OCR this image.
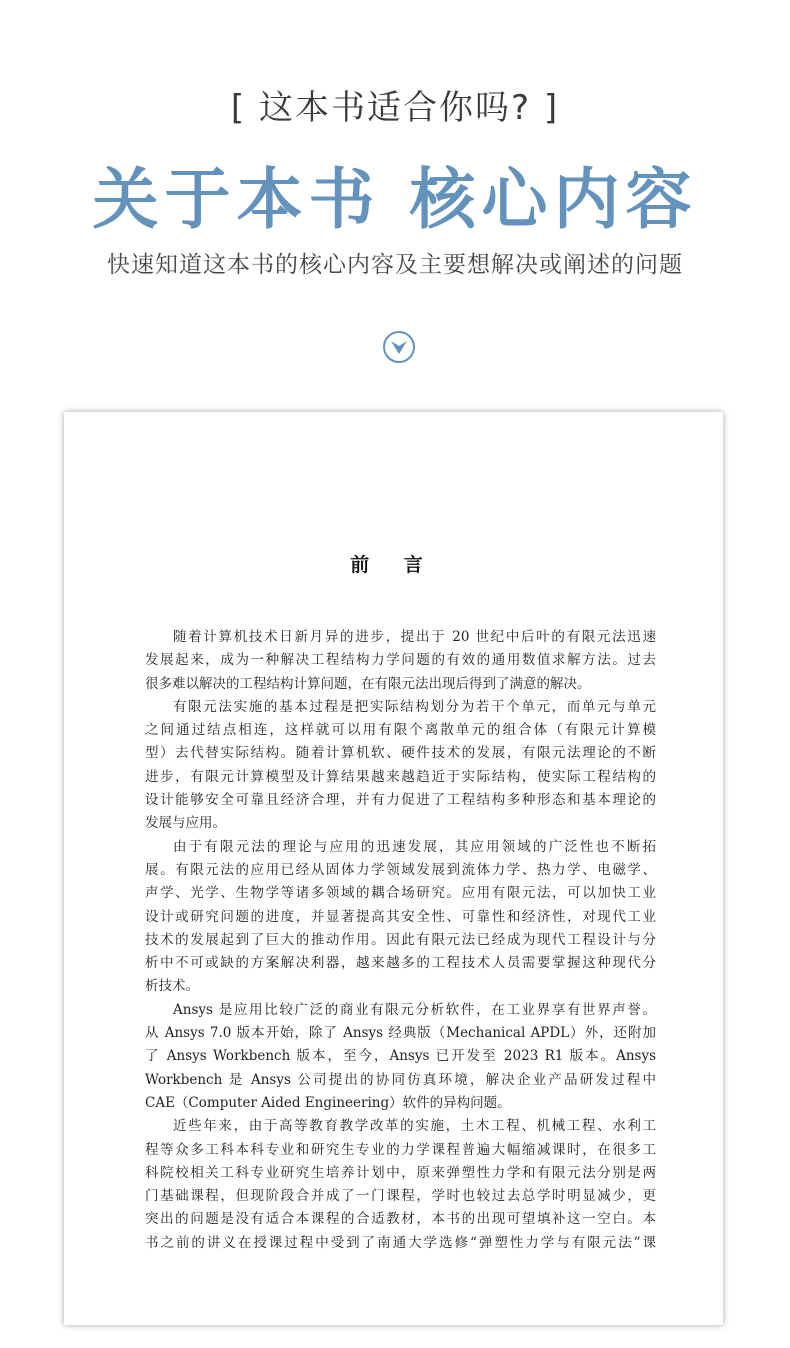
[ 这本书适合你吗? ]
关于本书 核心内容
快速知道这本书的核心内容及主要想解决或阐述的问题
前 言
随着计算机技术日新月异的进步，提出于 20 世纪中后叶的有限元法迅速
发展起来，成为一种解决工程结构力学问题的有效的通用数值求解方法。过去
很多难以解决的工程结构计算问题，在有限元法出现后得到了满意的解决。
有限元法实施的基本过程是把实际结构划分为若干个单元，而单元与单元
之间通过结点相连，这样就可以用有限个离散单元的组合体（有限元计算模
型）去代替实际结构。随着计算机软、硬件技术的发展，有限元法理论的不断
进步，有限元计算模型及计算结果越来越趋近于实际结构，使实际工程结构的
设计能够安全可靠且经济合理，并有力促进了工程结构多种形态和基本理论的
发展与应用。
由于有限元法的理论与应用的迅速发展，其应用领域的广泛性也不断拓
展。有限元法的应用已经从固体力学领域发展到流体力学、热力学、电磁学、
声学、光学、生物学等诸多领域的耦合场研究。应用有限元法，可以加快工业
设计或研究问题的进度，并显著提高其安全性、可靠性和经济性，对现代工业
技术的发展起到了巨大的推动作用。因此有限元法已经成为现代工程设计与分
析中不可或缺的方案解决利器，越来越多的工程技术人员需要掌握这种现代分
析技术。
Ansys 是应用比较广泛的商业有限元分析软件，在工业界享有世界声誉。
从 Ansys 7.0 版本开始，除了 Ansys 经典版（Mechanical APDL）外，还附加
了 Ansys Workbench 版本，至今，Ansys 已开发至 2023 R1 版本。Ansys
Workbench 是 Ansys 公司提出的协同仿真环境，解决企业产品研发过程中
CAE（Computer Aided Engineering）软件的异构问题。
近些年来，由于高等教育教学改革的实施，土木工程、机械工程、水利工
程等众多工科本科专业和研究生专业的力学课程普遍大幅缩减课时，在很多工
科院校相关工科专业研究生培养计划中，原来弹塑性力学和有限元法分别是两
门基础课程，但现阶段合并成了一门课程，学时也较过去总学时明显减少，更
突出的问题是没有适合本课程的合适教材，本书的出现可望填补这一空白。本
书之前的讲义在授课过程中受到了南通大学选修“弹塑性力学与有限元法”课
